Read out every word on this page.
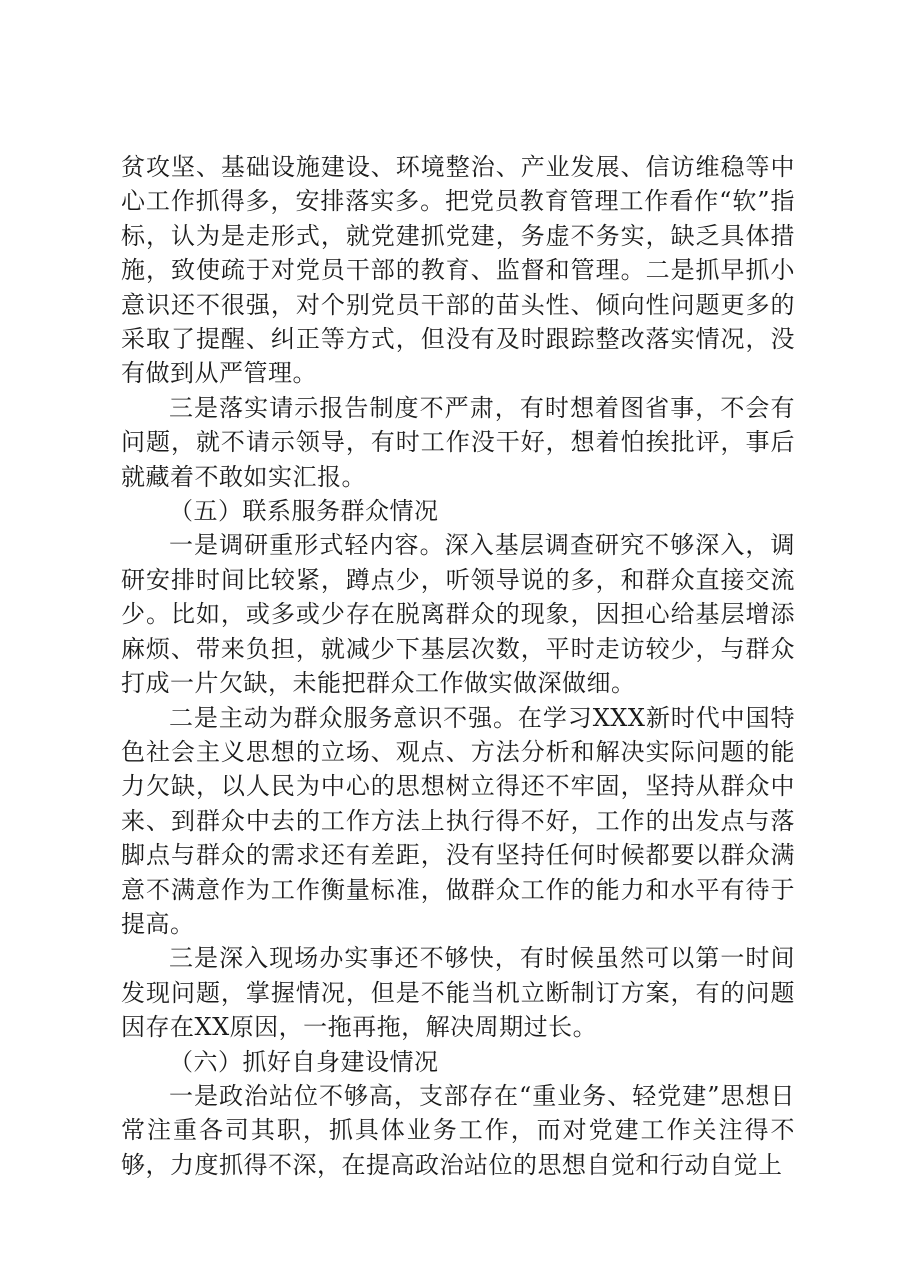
贫攻坚、基础设施建设、环境整治、产业发展、信访维稳等中心工作抓得多，安排落实多。把党员教育管理工作看作“软”指标，认为是走形式，就党建抓党建，务虚不务实，缺乏具体措施，致使疏于对党员干部的教育、监督和管理。二是抓早抓小意识还不很强，对个别党员干部的苗头性、倾向性问题更多的采取了提醒、纠正等方式，但没有及时跟踪整改落实情况，没有做到从严管理。

三是落实请示报告制度不严肃，有时想着图省事，不会有问题，就不请示领导，有时工作没干好，想着怕挨批评，事后就藏着不敢如实汇报。

（五）联系服务群众情况

一是调研重形式轻内容。深入基层调查研究不够深入，调研安排时间比较紧，蹲点少，听领导说的多，和群众直接交流少。比如，或多或少存在脱离群众的现象，因担心给基层增添麻烦、带来负担，就减少下基层次数，平时走访较少，与群众打成一片欠缺，未能把群众工作做实做深做细。

二是主动为群众服务意识不强。在学习XXX新时代中国特色社会主义思想的立场、观点、方法分析和解决实际问题的能力欠缺，以人民为中心的思想树立得还不牢固，坚持从群众中来、到群众中去的工作方法上执行得不好，工作的出发点与落脚点与群众的需求还有差距，没有坚持任何时候都要以群众满意不满意作为工作衡量标准，做群众工作的能力和水平有待于提高。

三是深入现场办实事还不够快，有时候虽然可以第一时间发现问题，掌握情况，但是不能当机立断制订方案，有的问题因存在XX原因，一拖再拖，解决周期过长。

（六）抓好自身建设情况

一是政治站位不够高，支部存在“重业务、轻党建”思想日常注重各司其职，抓具体业务工作，而对党建工作关注得不够，力度抓得不深，在提高政治站位的思想自觉和行动自觉上
